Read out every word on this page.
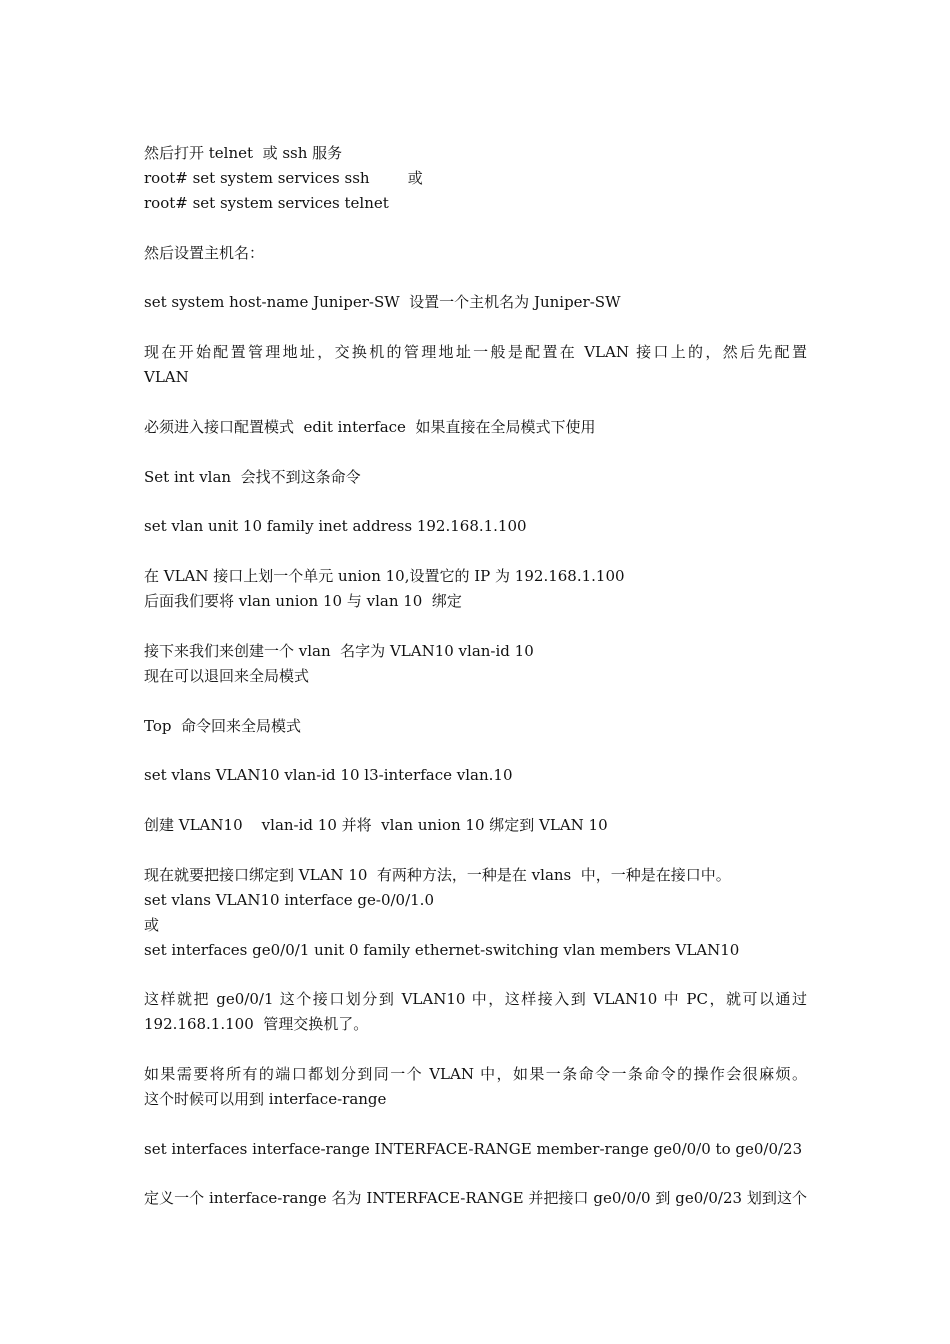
然后打开 telnet  或 ssh 服务
root# set system services ssh        或
root# set system services telnet
然后设置主机名：
set system host-name Juniper-SW  设置一个主机名为 Juniper-SW
现在开始配置管理地址，交换机的管理地址一般是配置在 VLAN 接口上的，然后先配置
VLAN
必须进入接口配置模式  edit interface  如果直接在全局模式下使用
Set int vlan  会找不到这条命令
set vlan unit 10 family inet address 192.168.1.100
在 VLAN 接口上划一个单元 union 10,设置它的 IP 为 192.168.1.100
后面我们要将 vlan union 10 与 vlan 10  绑定
接下来我们来创建一个 vlan  名字为 VLAN10 vlan-id 10
现在可以退回来全局模式
Top  命令回来全局模式
set vlans VLAN10 vlan-id 10 l3-interface vlan.10
创建 VLAN10    vlan-id 10 并将  vlan union 10 绑定到 VLAN 10
现在就要把接口绑定到 VLAN 10  有两种方法，一种是在 vlans  中，一种是在接口中。
set vlans VLAN10 interface ge-0/0/1.0
或
set interfaces ge0/0/1 unit 0 family ethernet-switching vlan members VLAN10
这样就把 ge0/0/1 这个接口划分到 VLAN10 中，这样接入到 VLAN10 中 PC，就可以通过
192.168.1.100  管理交换机了。
如果需要将所有的端口都划分到同一个 VLAN 中，如果一条命令一条命令的操作会很麻烦。
这个时候可以用到 interface-range
set interfaces interface-range INTERFACE-RANGE member-range ge0/0/0 to ge0/0/23
定义一个 interface-range 名为 INTERFACE-RANGE 并把接口 ge0/0/0 到 ge0/0/23 划到这个
